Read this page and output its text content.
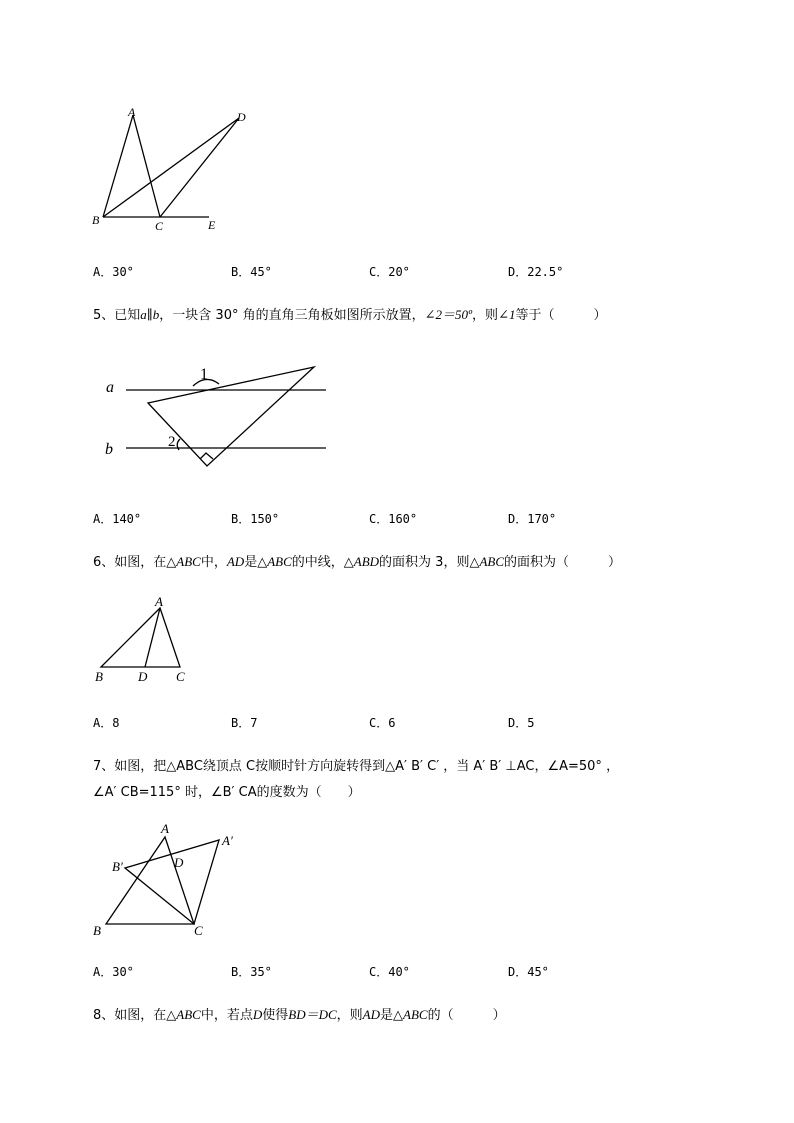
A	D
B	C	E
A．30°	B．45°	C．20°	D．22.5°
5、已知a∥b，一块含 30° 角的直角三角板如图所示放置，∠2＝50º，则∠1等于（　　　）
a
b
1
2
A．140°	B．150°	C．160°	D．170°
6、如图，在△ABC中，AD是△ABC的中线，△ABD的面积为 3，则△ABC的面积为（　　　）
A
B	D C
A．8	B．7	C．6	D．5
7、如图，把△ABC绕顶点 C按顺时针方向旋转得到△A′ B′ C′ ，当 A′ B′ ⊥AC，∠A=50° ，
∠A′ CB=115° 时，∠B′ CA的度数为（　　）
A
A′
B′	D
B	C
A．30°	B．35°	C．40°	D．45°
8、如图，在△ABC中，若点D使得BD＝DC，则AD是△ABC的（　　　）
